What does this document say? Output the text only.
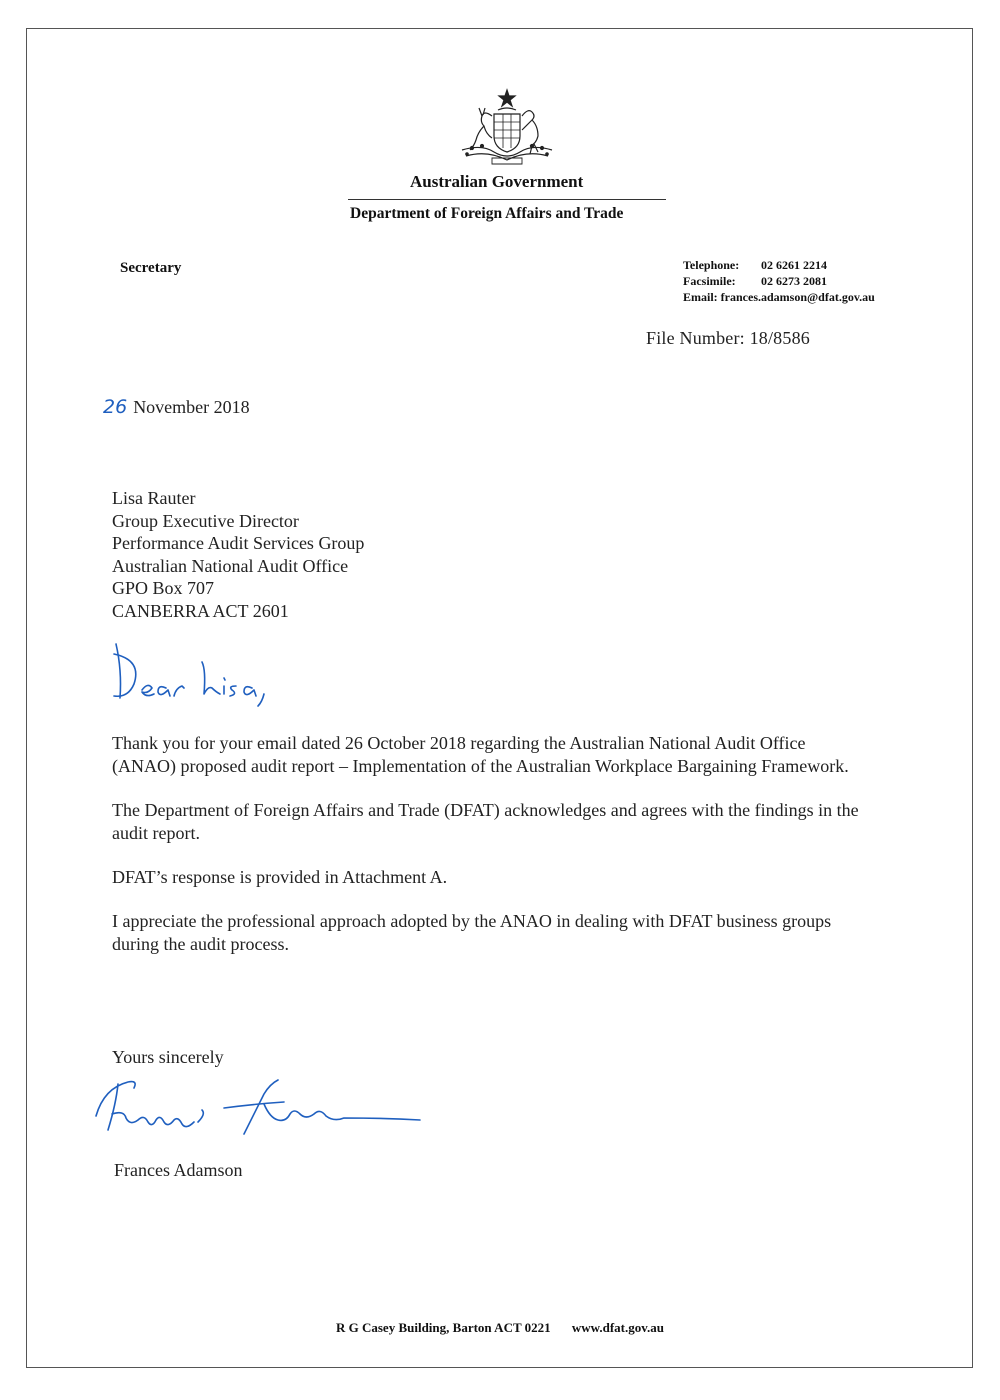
Australian Government
Department of Foreign Affairs and Trade
Secretary	Telephone: 02 6261 2214
Facsimile: 02 6273 2081
Email: frances.adamson@dfat.gov.au
File Number: 18/8586
26 November 2018
Lisa Rauter
Group Executive Director
Performance Audit Services Group
Australian National Audit Office
GPO Box 707
CANBERRA ACT 2601

Thank you for your email dated 26 October 2018 regarding the Australian National Audit Office (ANAO) proposed audit report – Implementation of the Australian Workplace Bargaining Framework.

The Department of Foreign Affairs and Trade (DFAT) acknowledges and agrees with the findings in the audit report.

DFAT’s response is provided in Attachment A.

I appreciate the professional approach adopted by the ANAO in dealing with DFAT business groups during the audit process.

Yours sincerely
Frances Adamson
R G Casey Building, Barton ACT 0221 www.dfat.gov.au
